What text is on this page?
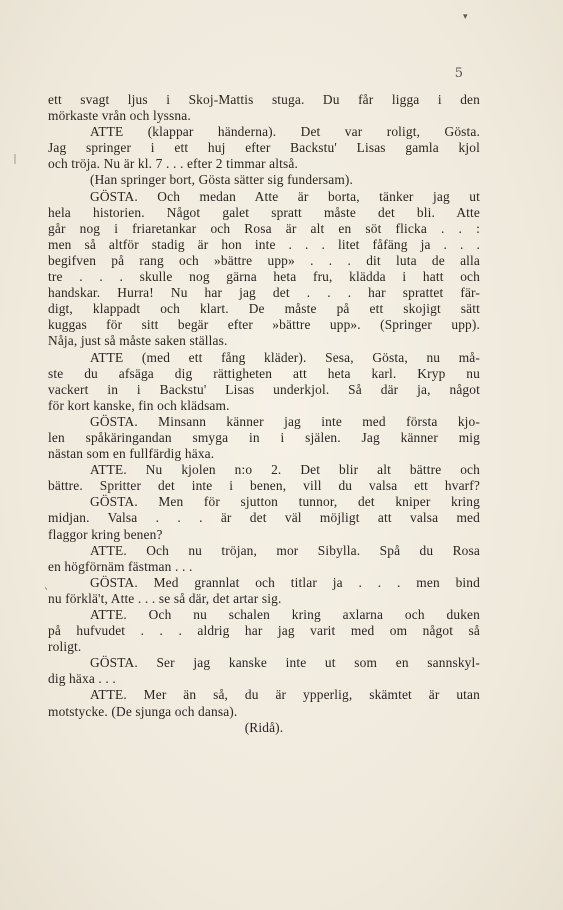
▾
ˋ
5
ett svagt ljus i Skoj-Mattis stuga. Du får ligga i den
mörkaste vrån och lyssna.
ATTE (klappar händerna). Det var roligt, Gösta.
Jag springer i ett huj efter Backstu' Lisas gamla kjol
och tröja. Nu är kl. 7 . . . efter 2 timmar altså.
(Han springer bort, Gösta sätter sig fundersam).
GÖSTA. Och medan Atte är borta, tänker jag ut
hela historien. Något galet spratt måste det bli. Atte
går nog i friaretankar och Rosa är alt en söt flicka . . :
men så altför stadig är hon inte . . . litet fåfäng ja . . .
begifven på rang och »bättre upp» . . . dit luta de alla
tre . . . skulle nog gärna heta fru, klädda i hatt och
handskar. Hurra! Nu har jag det . . . har sprattet fär-
digt, klappadt och klart. De måste på ett skojigt sätt
kuggas för sitt begär efter »bättre upp». (Springer upp).
Nåja, just så måste saken ställas.
ATTE (med ett fång kläder). Sesa, Gösta, nu må-
ste du afsäga dig rättigheten att heta karl. Kryp nu
vackert in i Backstu' Lisas underkjol. Så där ja, något
för kort kanske, fin och klädsam.
GÖSTA. Minsann känner jag inte med första kjo-
len spåkäringandan smyga in i själen. Jag känner mig
nästan som en fullfärdig häxa.
ATTE. Nu kjolen n:o 2. Det blir alt bättre och
bättre. Spritter det inte i benen, vill du valsa ett hvarf?
GÖSTA. Men för sjutton tunnor, det kniper kring
midjan. Valsa . . . är det väl möjligt att valsa med
flaggor kring benen?
ATTE. Och nu tröjan, mor Sibylla. Spå du Rosa
en högförnäm fästman . . .
GÖSTA. Med grannlat och titlar ja . . . men bind
nu förklä't, Atte . . . se så där, det artar sig.
ATTE. Och nu schalen kring axlarna och duken
på hufvudet . . . aldrig har jag varit med om något så
roligt.
GÖSTA. Ser jag kanske inte ut som en sannskyl-
dig häxa . . .
ATTE. Mer än så, du är ypperlig, skämtet är utan
motstycke. (De sjunga och dansa).
(Ridå).
